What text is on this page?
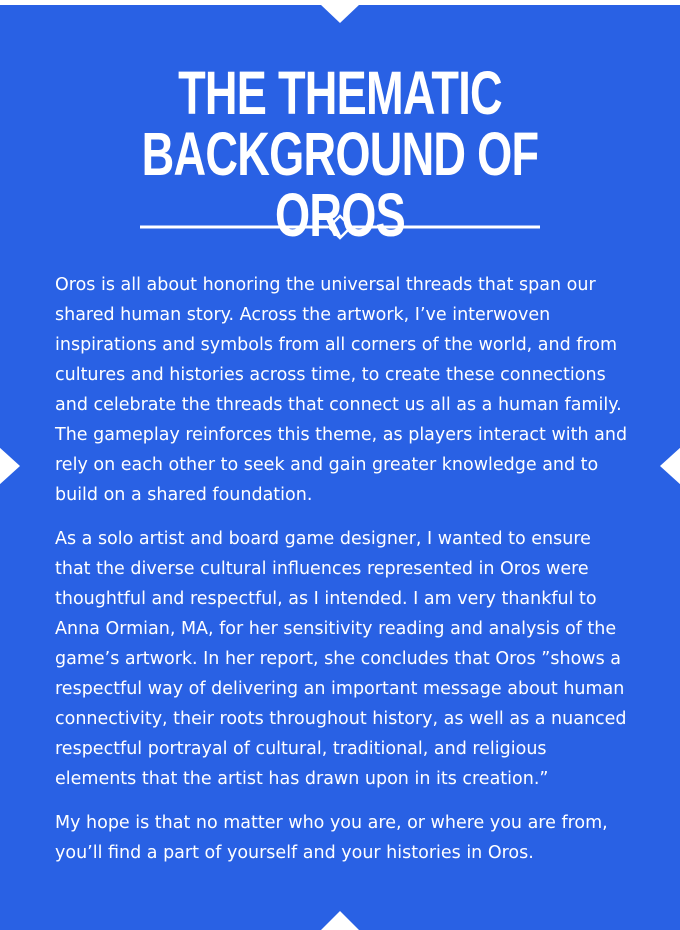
THE THEMATIC
BACKGROUND OF OROS

Oros is all about honoring the universal threads that span our shared human story. Across the artwork, I’ve interwoven inspirations and symbols from all corners of the world, and from cultures and histories across time, to create these connections and celebrate the threads that connect us all as a human family. The gameplay reinforces this theme, as players interact with and rely on each other to seek and gain greater knowledge and to build on a shared foundation.

As a solo artist and board game designer, I wanted to ensure that the diverse cultural influences represented in Oros were thoughtful and respectful, as I intended. I am very thankful to Anna Ormian, MA, for her sensitivity reading and analysis of the game’s artwork. In her report, she concludes that Oros ”shows a respectful way of delivering an important message about human connectivity, their roots throughout history, as well as a nuanced respectful portrayal of cultural, traditional, and religious elements that the artist has drawn upon in its creation.”

My hope is that no matter who you are, or where you are from, you’ll find a part of yourself and your histories in Oros.
